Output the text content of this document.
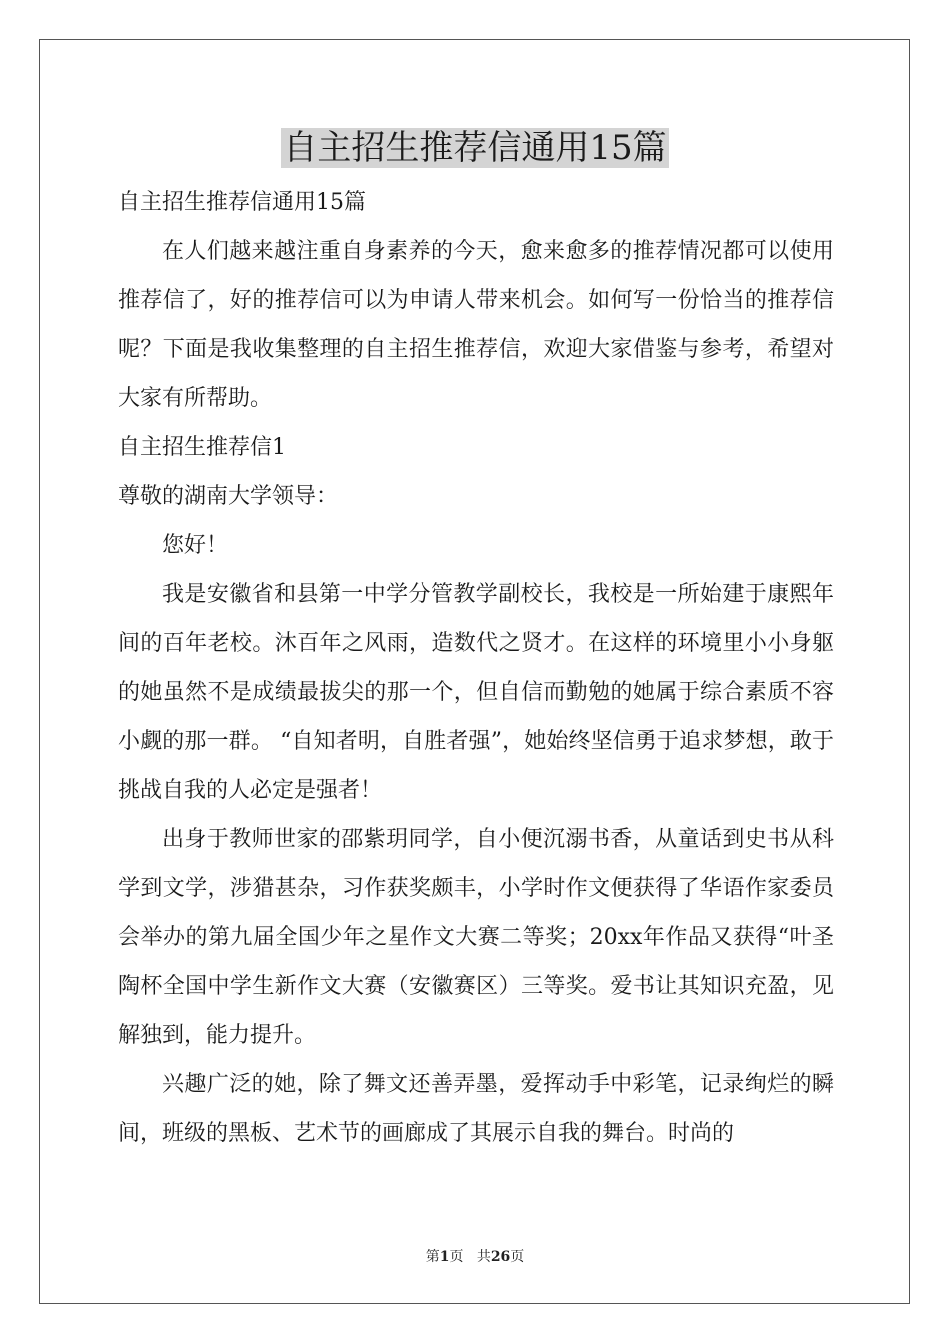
自主招生推荐信通用15篇

自主招生推荐信通用15篇

在人们越来越注重自身素养的今天，愈来愈多的推荐情况都可以使用推荐信了，好的推荐信可以为申请人带来机会。如何写一份恰当的推荐信呢？下面是我收集整理的自主招生推荐信，欢迎大家借鉴与参考，希望对大家有所帮助。

自主招生推荐信1

尊敬的湖南大学领导：

您好！

我是安徽省和县第一中学分管教学副校长，我校是一所始建于康熙年间的百年老校。沐百年之风雨，造数代之贤才。在这样的环境里小小身躯的她虽然不是成绩最拔尖的那一个，但自信而勤勉的她属于综合素质不容小觑的那一群。 “自知者明，自胜者强”，她始终坚信勇于追求梦想，敢于挑战自我的人必定是强者！

出身于教师世家的邵紫玥同学，自小便沉溺书香，从童话到史书从科学到文学，涉猎甚杂，习作获奖颇丰，小学时作文便获得了华语作家委员会举办的第九届全国少年之星作文大赛二等奖；20xx年作品又获得“叶圣陶杯全国中学生新作文大赛（安徽赛区）三等奖。爱书让其知识充盈，见解独到，能力提升。

兴趣广泛的她，除了舞文还善弄墨，爱挥动手中彩笔，记录绚烂的瞬间，班级的黑板、艺术节的画廊成了其展示自我的舞台。时尚的

第1页 共26页
